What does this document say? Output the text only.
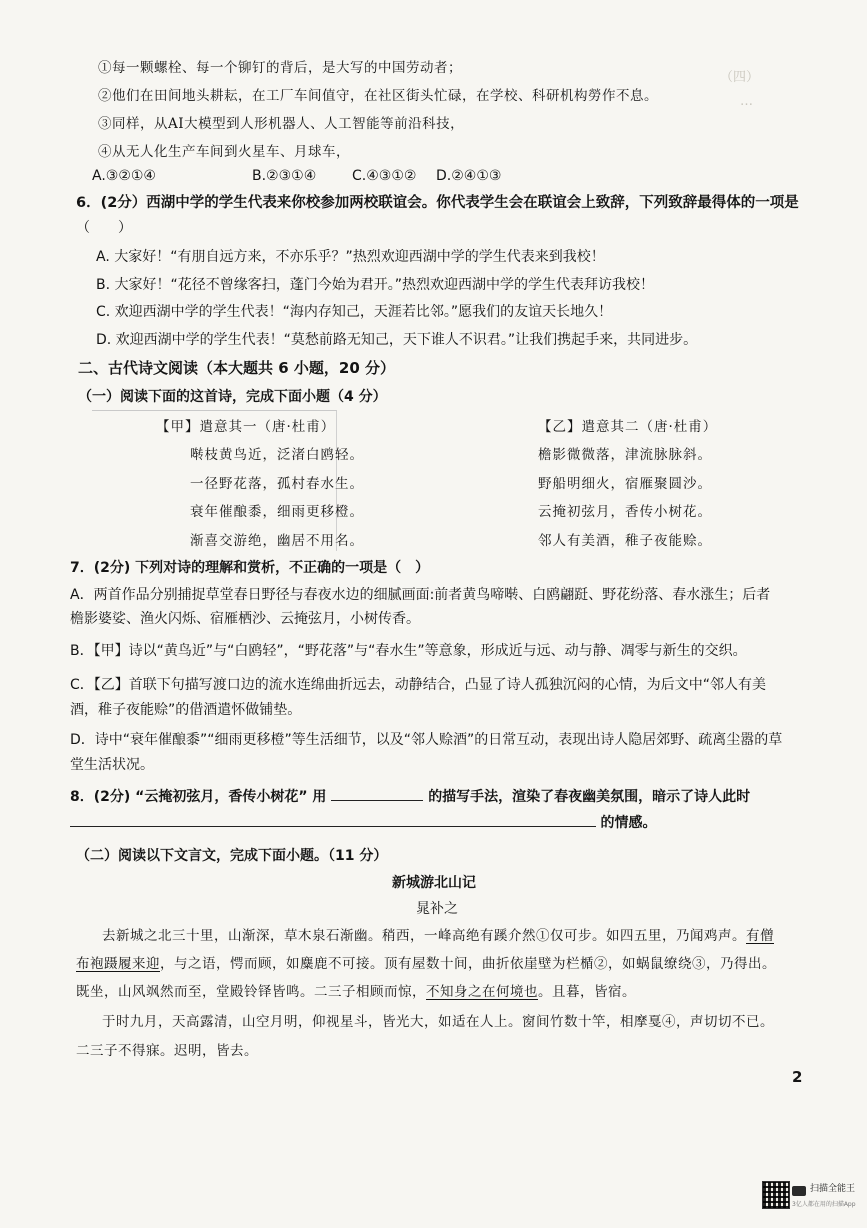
（四）
…
①每一颗螺栓、每一个铆钉的背后，是大写的中国劳动者；
②他们在田间地头耕耘，在工厂车间值守，在社区街头忙碌，在学校、科研机构勞作不息。
③同样，从AI大模型到人形机器人、人工智能等前沿科技，
④从无人化生产车间到火星车、月球车，
A.③②①④	B.②③①④	C.④③①② D.②④①③
6．(2分）西湖中学的学生代表来你校参加两校联谊会。你代表学生会在联谊会上致辞，下列致辞最得体的一项是
（　　）
A. 大家好！“有朋自远方来，不亦乐乎？”热烈欢迎西湖中学的学生代表来到我校！
B. 大家好！“花径不曾缘客扫，蓬门今始为君开。”热烈欢迎西湖中学的学生代表拜访我校！
C. 欢迎西湖中学的学生代表！“海内存知己，天涯若比邻。”愿我们的友谊天长地久！
D. 欢迎西湖中学的学生代表！“莫愁前路无知己，天下谁人不识君。”让我们携起手来，共同进步。
二、古代诗文阅读（本大题共 6 小题，20 分）
（一）阅读下面的这首诗，完成下面小题（4 分）
【甲】遣意其一（唐·杜甫）
啭枝黄鸟近，泛渚白鸥轻。
一径野花落，孤村春水生。
衰年催酿黍，细雨更移橙。
渐喜交游绝，幽居不用名。
【乙】遣意其二（唐·杜甫）
檐影微微落，津流脉脉斜。
野船明细火，宿雁聚圆沙。
云掩初弦月，香传小树花。
邻人有美酒，稚子夜能赊。
7．(2分) 下列对诗的理解和赏析，不正确的一项是（　）
A．两首作品分别捕捉草堂春日野径与春夜水边的细腻画面:前者黄鸟啼啭、白鸥翩跹、野花纷落、春水涨生；后者
檐影婆娑、渔火闪烁、宿雁栖沙、云掩弦月，小树传香。
B．【甲】诗以“黄鸟近”与“白鸥轻”，“野花落”与“春水生”等意象，形成近与远、动与静、凋零与新生的交织。
C．【乙】首联下句描写渡口边的流水连绵曲折远去，动静结合，凸显了诗人孤独沉闷的心情，为后文中“邻人有美
酒，稚子夜能赊”的借酒遣怀做铺垫。
D．诗中“衰年催酿黍”“细雨更移橙”等生活细节，以及“邻人赊酒”的日常互动，表现出诗人隐居郊野、疏离尘嚣的草
堂生活状况。
8．(2分) “云掩初弦月，香传小树花” 用	的描写手法，渲染了春夜幽美氛围，暗示了诗人此时
的情感。
（二）阅读以下文言文，完成下面小题。（11 分）
新城游北山记
晁补之
去新城之北三十里，山渐深，草木泉石渐幽。稍西，一峰高绝有蹊介然①仅可步。如四五里，乃闻鸡声。有僧
布袍蹑履来迎，与之语，愕而顾，如麋鹿不可接。顶有屋数十间，曲折依崖壁为栏楯②，如蜗鼠缭绕③，乃得出。
既坐，山风飒然而至，堂殿铃铎皆鸣。二三子相顾而惊，不知身之在何境也。且暮，皆宿。
于时九月，天高露清，山空月明，仰视星斗，皆光大，如适在人上。窗间竹数十竿，相摩戛④，声切切不已。
二三子不得寐。迟明，皆去。
2
扫描全能王
3亿人都在用的扫描App
